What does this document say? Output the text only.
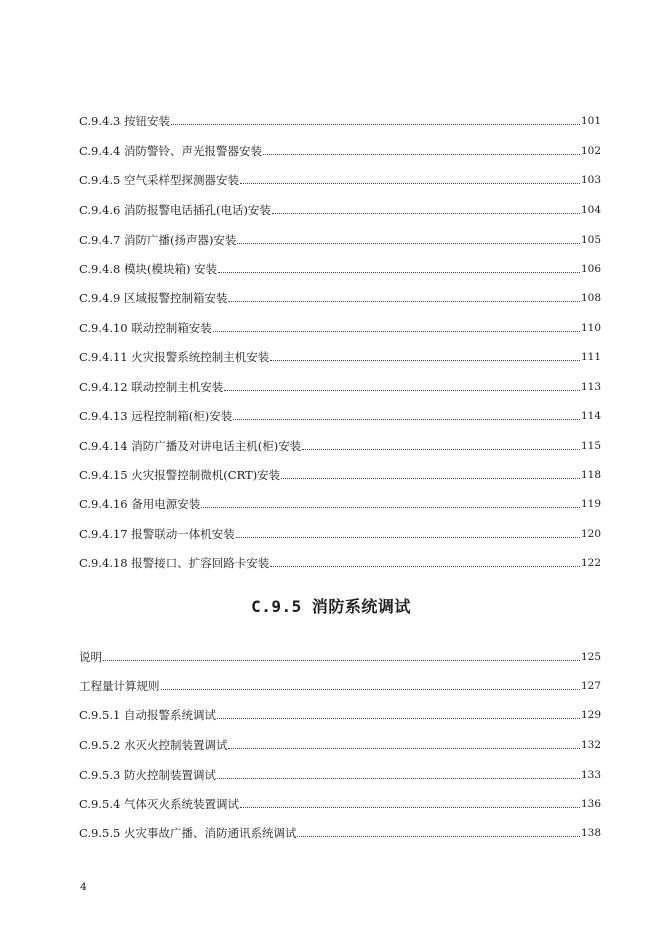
C.9.4.3 按钮安装	101
C.9.4.4 消防警铃、声光报警器安装	102
C.9.4.5 空气采样型探测器安装	103
C.9.4.6 消防报警电话插孔(电话)安装	104
C.9.4.7 消防广播(扬声器)安装	105
C.9.4.8 模块(模块箱) 安装	106
C.9.4.9 区域报警控制箱安装	108
C.9.4.10 联动控制箱安装	110
C.9.4.11 火灾报警系统控制主机安装	111
C.9.4.12 联动控制主机安装	113
C.9.4.13 远程控制箱(柜)安装	114
C.9.4.14 消防广播及对讲电话主机(柜)安装	115
C.9.4.15 火灾报警控制微机(CRT)安装	118
C.9.4.16 备用电源安装	119
C.9.4.17 报警联动一体机安装	120
C.9.4.18 报警接口、扩容回路卡安装	122
C.9.5 消防系统调试
说明	125
工程量计算规则	127
C.9.5.1 自动报警系统调试	129
C.9.5.2 水灭火控制装置调试	132
C.9.5.3 防火控制装置调试	133
C.9.5.4 气体灭火系统装置调试	136
C.9.5.5 火灾事故广播、消防通讯系统调试	138
4
